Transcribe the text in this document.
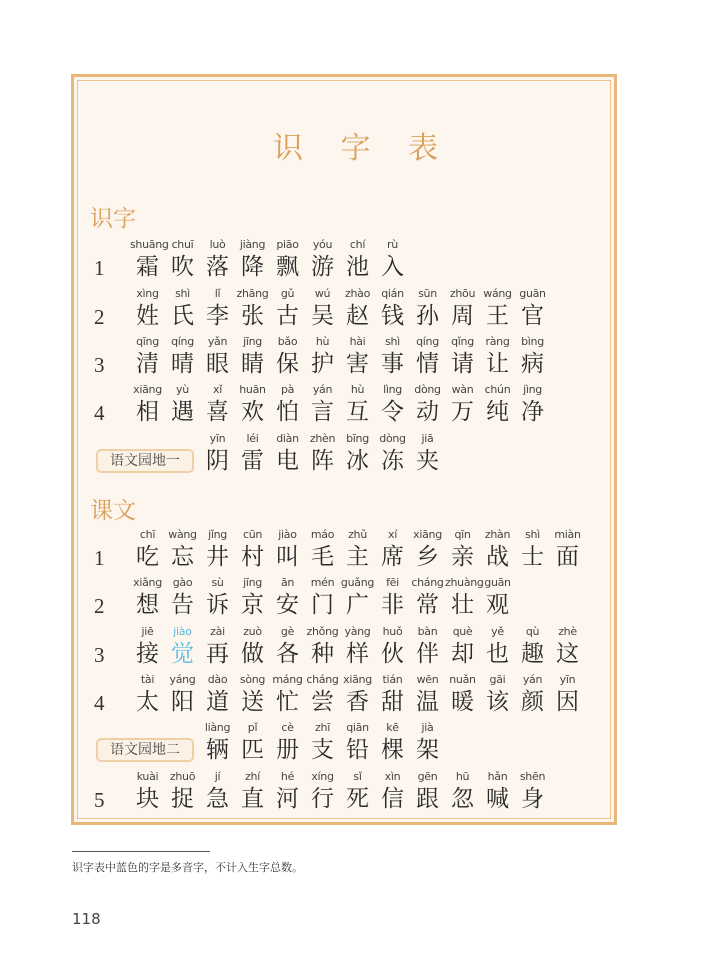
识 字 表
识字
课文
1
shuāng
霜
chuī
吹
luò
落
jiàng
降
piāo
飘
yóu
游
chí
池
rù
入
2
xìng
姓
shì
氏
lǐ
李
zhāng
张
gǔ
古
wú
吴
zhào
赵
qián
钱
sūn
孙
zhōu
周
wáng
王
guān
官
3
qīng
清
qíng
晴
yǎn
眼
jīng
睛
bǎo
保
hù
护
hài
害
shì
事
qíng
情
qǐng
请
ràng
让
bìng
病
4
xiāng
相
yù
遇
xǐ
喜
huān
欢
pà
怕
yán
言
hù
互
lìng
令
dòng
动
wàn
万
chún
纯
jìng
净
语文园地一
yīn
阴
léi
雷
diàn
电
zhèn
阵
bīng
冰
dòng
冻
jiā
夹
1
chī
吃
wàng
忘
jǐng
井
cūn
村
jiào
叫
máo
毛
zhǔ
主
xí
席
xiāng
乡
qīn
亲
zhàn
战
shì
士
miàn
面
2
xiǎng
想
gào
告
sù
诉
jīng
京
ān
安
mén
门
guǎng
广
fēi
非
cháng
常
zhuàng
壮
guān
观
3
jiē
接
jiào
觉
zài
再
zuò
做
gè
各
zhǒng
种
yàng
样
huǒ
伙
bàn
伴
què
却
yě
也
qù
趣
zhè
这
4
tài
太
yáng
阳
dào
道
sòng
送
máng
忙
cháng
尝
xiāng
香
tián
甜
wēn
温
nuǎn
暖
gāi
该
yán
颜
yīn
因
语文园地二
liàng
辆
pǐ
匹
cè
册
zhī
支
qiān
铅
kē
棵
jià
架
5
kuài
块
zhuō
捉
jí
急
zhí
直
hé
河
xíng
行
sǐ
死
xìn
信
gēn
跟
hū
忽
hǎn
喊
shēn
身
识字表中蓝色的字是多音字，不计入生字总数。
118
